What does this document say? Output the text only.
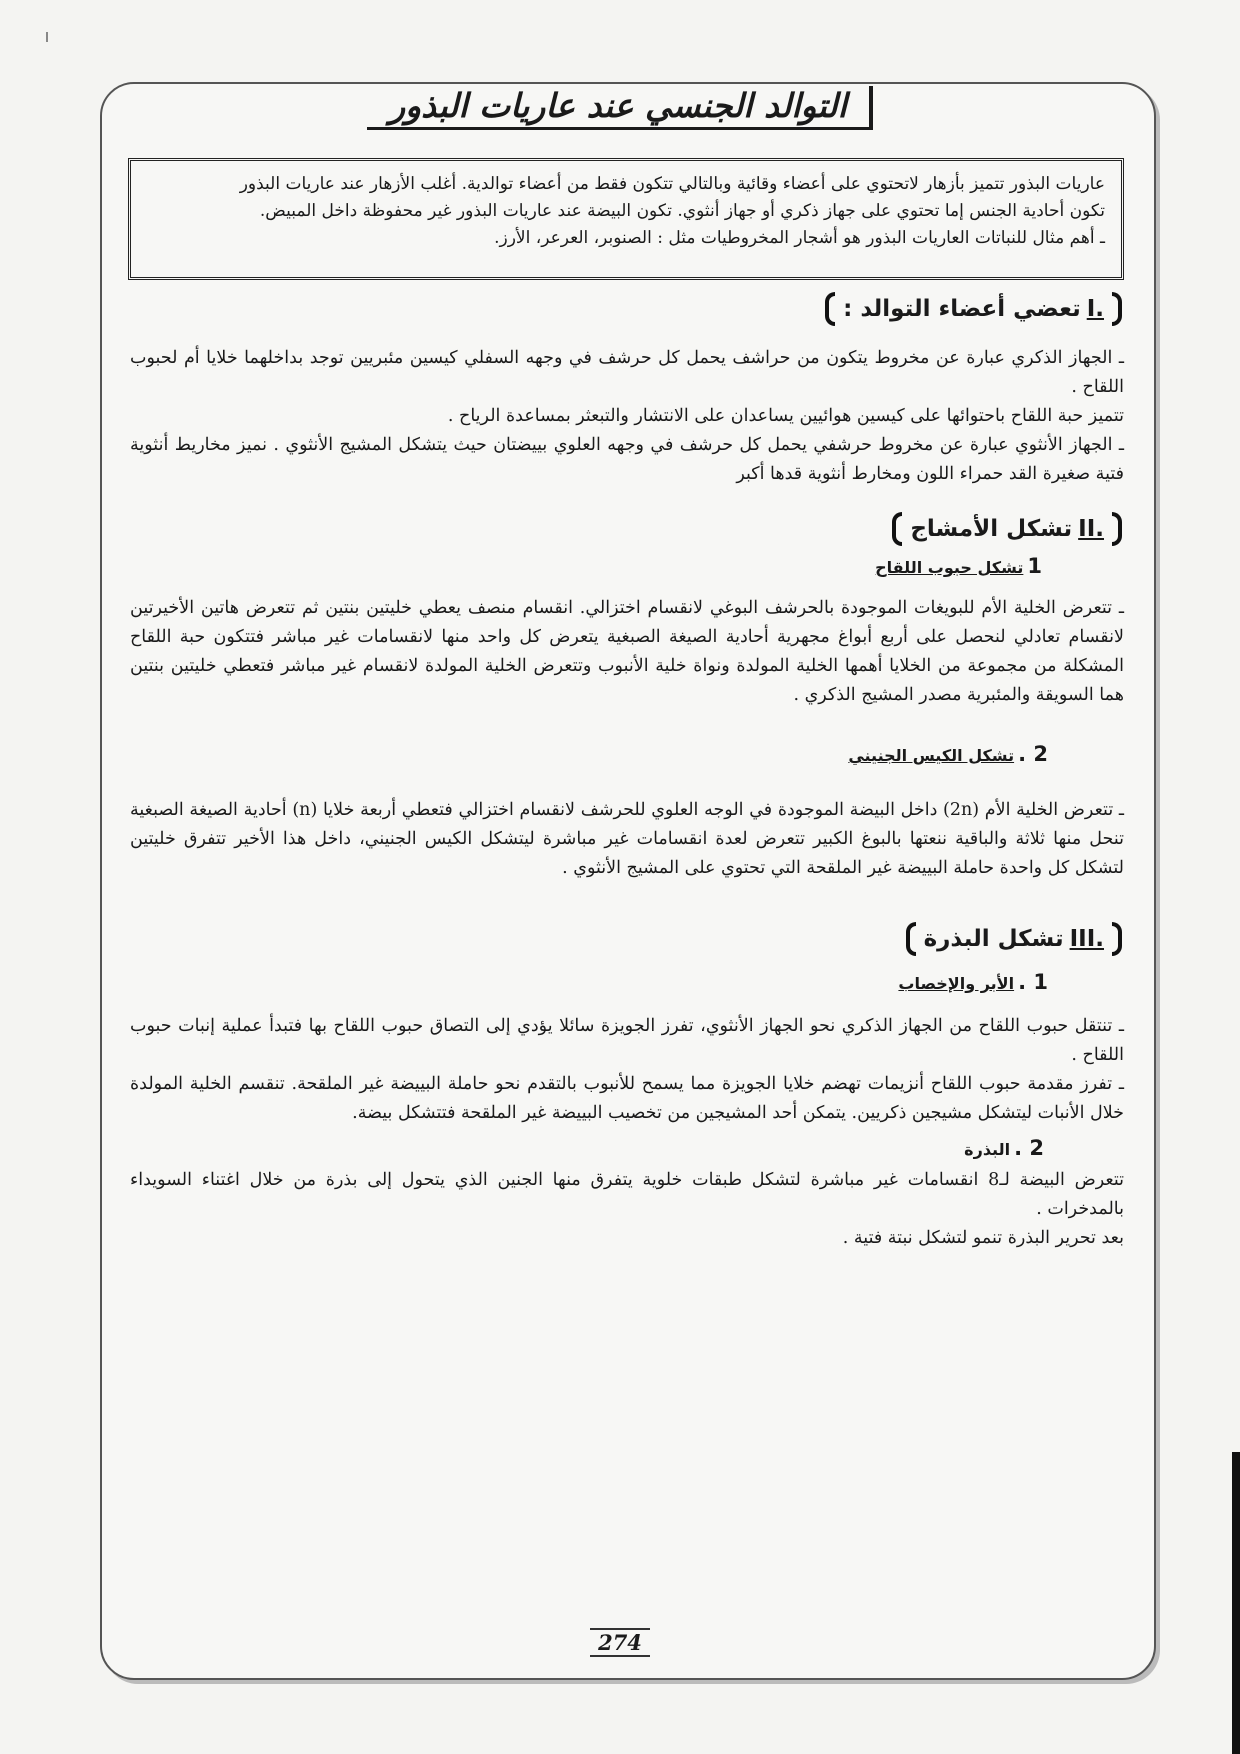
التوالد الجنسي عند عاريات البذور

عاريات البذور تتميز بأزهار لاتحتوي على أعضاء وقائية وبالتالي تتكون فقط من أعضاء توالدية. أغلب الأزهار عند عاريات البذور

تكون أحادية الجنس إما تحتوي على جهاز ذكري أو جهاز أنثوي. تكون البيضة عند عاريات البذور غير محفوظة داخل المبيض.

ـ أهم مثال للنباتات العاريات البذور هو أشجار المخروطيات مثل : الصنوبر، العرعر، الأرز.

I.
تعضي أعضاء التوالد :

ـ الجهاز الذكري عبارة عن مخروط يتكون من حراشف يحمل كل حرشف في وجهه السفلي كيسين مئبريين توجد بداخلهما خلايا أم لحبوب اللقاح .

تتميز حبة اللقاح باحتوائها على كيسين هوائيين يساعدان على الانتشار والتبعثر بمساعدة الرياح .

ـ الجهاز الأنثوي عبارة عن مخروط حرشفي يحمل كل حرشف في وجهه العلوي بييضتان حيث يتشكل المشيج الأنثوي . نميز مخاريط أنثوية فتية صغيرة القد حمراء اللون ومخارط أنثوية قدها أكبر

II.
تشكل الأمشاج
1
تشكل حبوب اللقاح

ـ تتعرض الخلية الأم للبويغات الموجودة بالحرشف البوغي لانقسام اختزالي. انقسام منصف يعطي خليتين بنتين ثم تتعرض هاتين الأخيرتين لانقسام تعادلي لنحصل على أربع أبواغ مجهرية أحادية الصيغة الصبغية يتعرض كل واحد منها لانقسامات غير مباشر فتتكون حبة اللقاح المشكلة من مجموعة من الخلايا أهمها الخلية المولدة ونواة خلية الأنبوب وتتعرض الخلية المولدة لانقسام غير مباشر فتعطي خليتين بنتين هما السويقة والمئبرية مصدر المشيج الذكري .

2 .
تشكل الكيس الجنيني

ـ تتعرض الخلية الأم (2n) داخل البيضة الموجودة في الوجه العلوي للحرشف لانقسام اختزالي فتعطي أربعة خلايا (n) أحادية الصيغة الصبغية تنحل منها ثلاثة والباقية ننعتها بالبوغ الكبير تتعرض لعدة انقسامات غير مباشرة ليتشكل الكيس الجنيني، داخل هذا الأخير تتفرق خليتين لتشكل كل واحدة حاملة البييضة غير الملقحة التي تحتوي على المشيج الأنثوي .

III.
تشكل البذرة
1 .
الأبر والإخصاب

ـ تنتقل حبوب اللقاح من الجهاز الذكري نحو الجهاز الأنثوي، تفرز الجويزة سائلا يؤدي إلى التصاق حبوب اللقاح بها فتبدأ عملية إنبات حبوب اللقاح .

ـ تفرز مقدمة حبوب اللقاح أنزيمات تهضم خلايا الجويزة مما يسمح للأنبوب بالتقدم نحو حاملة البييضة غير الملقحة. تنقسم الخلية المولدة خلال الأنبات ليتشكل مشيجين ذكريين. يتمكن أحد المشيجين من تخصيب البييضة غير الملقحة فتتشكل بيضة.

2 .
البذرة

تتعرض البيضة لـ8 انقسامات غير مباشرة لتشكل طبقات خلوية يتفرق منها الجنين الذي يتحول إلى بذرة من خلال اغتناء السويداء بالمدخرات .

بعد تحرير البذرة تنمو لتشكل نبتة فتية .

274
